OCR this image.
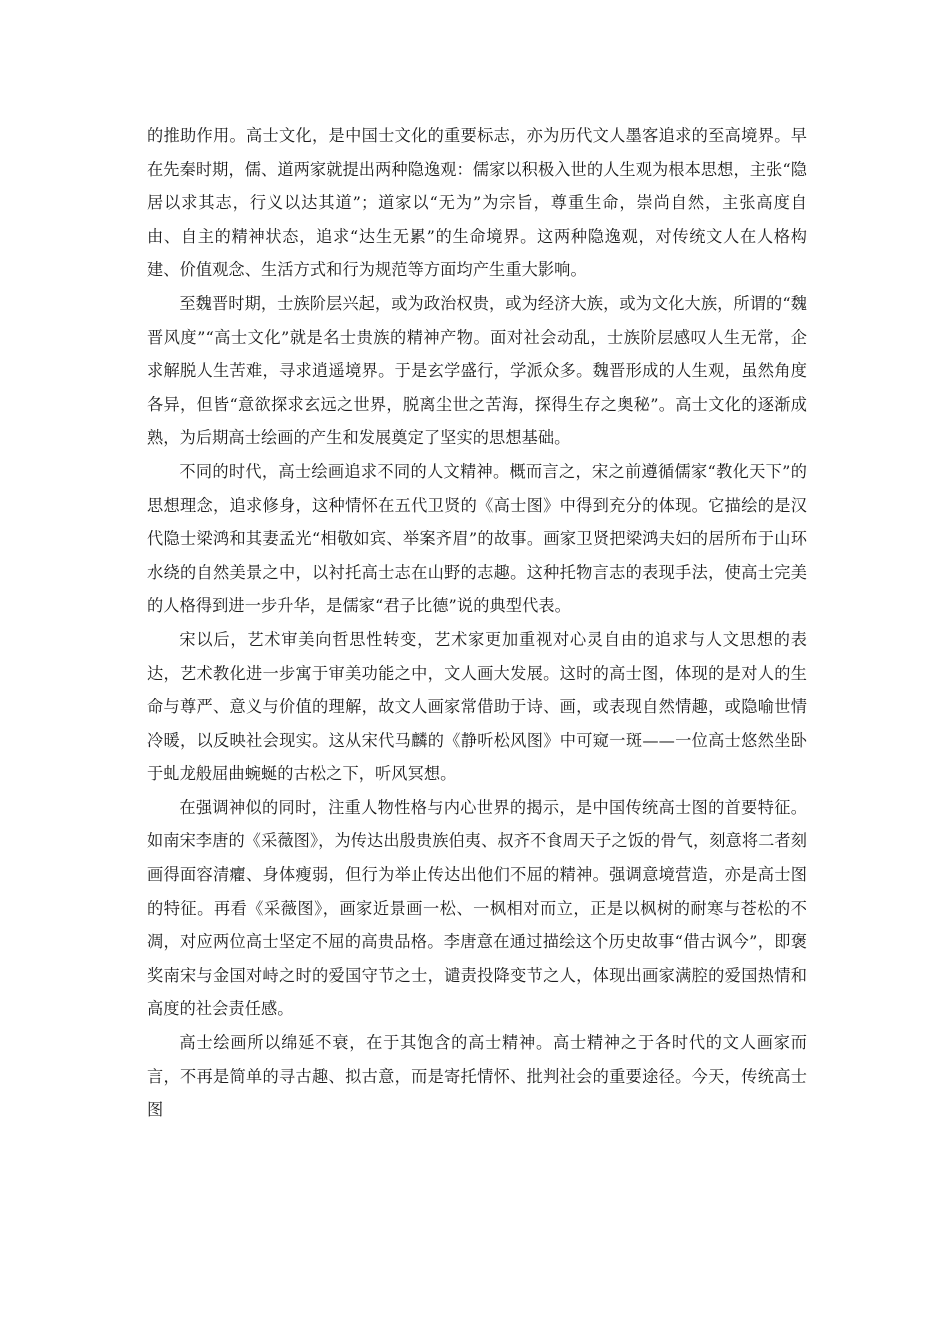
的推助作用。高士文化，是中国士文化的重要标志，亦为历代文人墨客追求的至高境界。早在先秦时期，儒、道两家就提出两种隐逸观：儒家以积极入世的人生观为根本思想，主张“隐居以求其志，行义以达其道”；道家以“无为”为宗旨，尊重生命，崇尚自然，主张高度自由、自主的精神状态，追求“达生无累”的生命境界。这两种隐逸观，对传统文人在人格构建、价值观念、生活方式和行为规范等方面均产生重大影响。

至魏晋时期，士族阶层兴起，或为政治权贵，或为经济大族，或为文化大族，所谓的“魏晋风度”“高士文化”就是名士贵族的精神产物。面对社会动乱，士族阶层感叹人生无常，企求解脱人生苦难，寻求逍遥境界。于是玄学盛行，学派众多。魏晋形成的人生观，虽然角度各异，但皆“意欲探求玄远之世界，脱离尘世之苦海，探得生存之奥秘”。高士文化的逐渐成熟，为后期高士绘画的产生和发展奠定了坚实的思想基础。

不同的时代，高士绘画追求不同的人文精神。概而言之，宋之前遵循儒家“教化天下”的思想理念，追求修身，这种情怀在五代卫贤的《高士图》中得到充分的体现。它描绘的是汉代隐士梁鸿和其妻孟光“相敬如宾、举案齐眉”的故事。画家卫贤把梁鸿夫妇的居所布于山环水绕的自然美景之中，以衬托高士志在山野的志趣。这种托物言志的表现手法，使高士完美的人格得到进一步升华，是儒家“君子比德”说的典型代表。

宋以后，艺术审美向哲思性转变，艺术家更加重视对心灵自由的追求与人文思想的表达，艺术教化进一步寓于审美功能之中，文人画大发展。这时的高士图，体现的是对人的生命与尊严、意义与价值的理解，故文人画家常借助于诗、画，或表现自然情趣，或隐喻世情冷暖，以反映社会现实。这从宋代马麟的《静听松风图》中可窥一斑——一位高士悠然坐卧于虬龙般屈曲蜿蜒的古松之下，听风冥想。

在强调神似的同时，注重人物性格与内心世界的揭示，是中国传统高士图的首要特征。如南宋李唐的《采薇图》，为传达出殷贵族伯夷、叔齐不食周天子之饭的骨气，刻意将二者刻画得面容清癯、身体瘦弱，但行为举止传达出他们不屈的精神。强调意境营造，亦是高士图的特征。再看《采薇图》，画家近景画一松、一枫相对而立，正是以枫树的耐寒与苍松的不凋，对应两位高士坚定不屈的高贵品格。李唐意在通过描绘这个历史故事“借古讽今”，即褒奖南宋与金国对峙之时的爱国守节之士，谴责投降变节之人，体现出画家满腔的爱国热情和高度的社会责任感。

高士绘画所以绵延不衰，在于其饱含的高士精神。高士精神之于各时代的文人画家而言，不再是简单的寻古趣、拟古意，而是寄托情怀、批判社会的重要途径。今天，传统高士图
